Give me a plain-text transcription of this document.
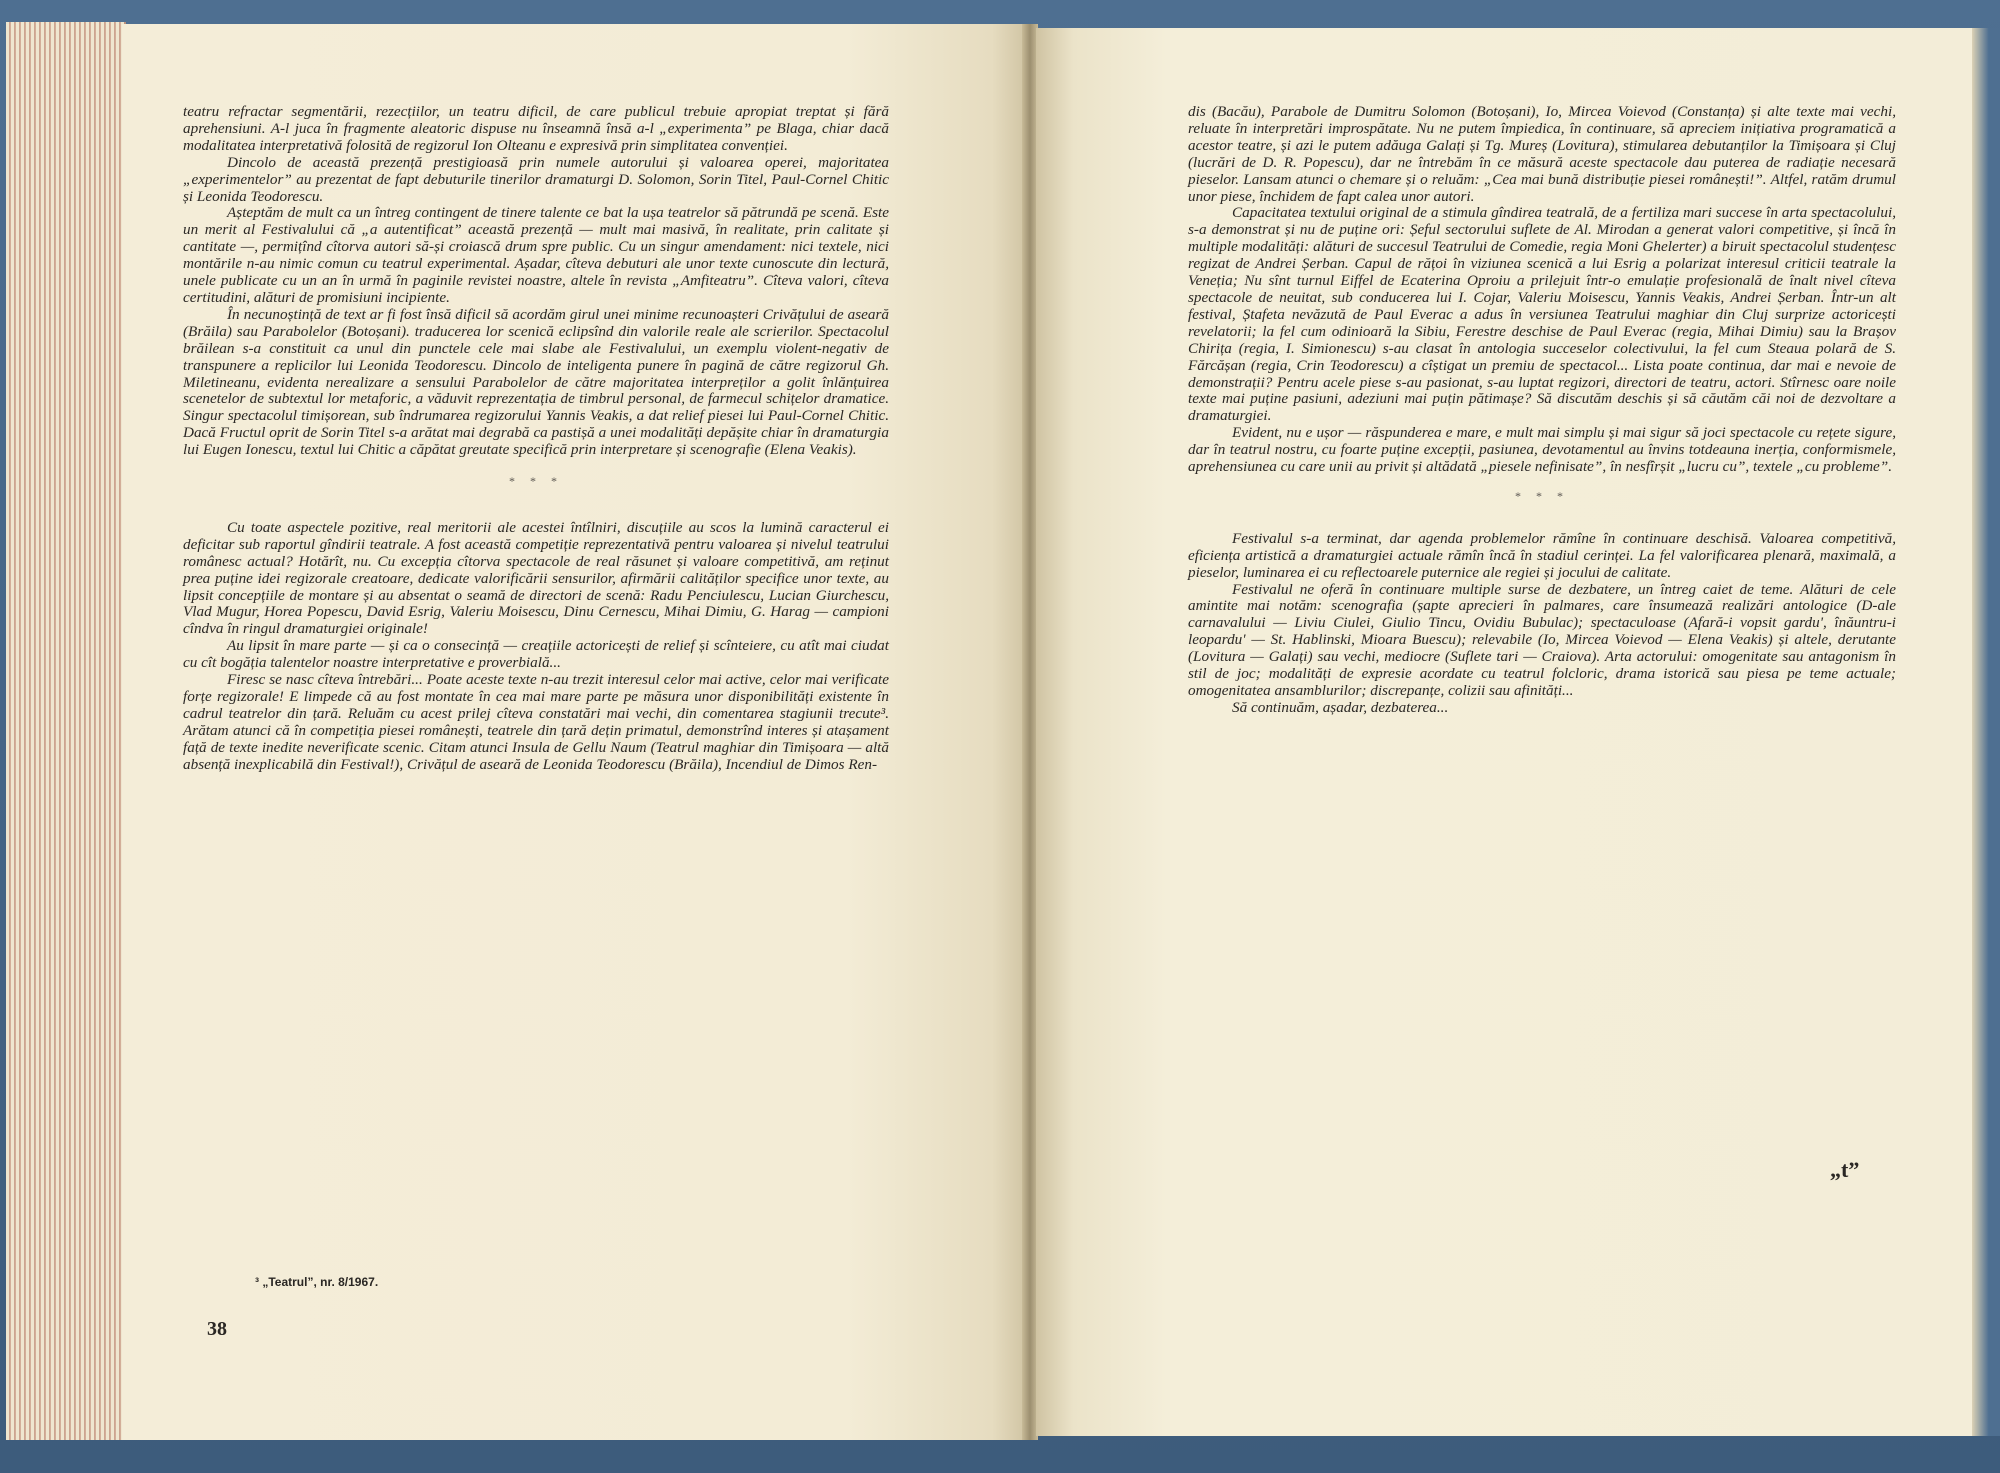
teatru refractar segmentării, rezecțiilor, un teatru dificil, de care publicul trebuie apropiat treptat și fără aprehensiuni. A-l juca în fragmente aleatoric dispuse nu înseamnă însă a-l „experimenta” pe Blaga, chiar dacă modalitatea interpretativă folosită de regizorul Ion Olteanu e expresivă prin simplitatea convenției.

Dincolo de această prezență prestigioasă prin numele autorului și valoarea operei, majoritatea „experimentelor” au prezentat de fapt debuturile tinerilor dramaturgi D. Solomon, Sorin Titel, Paul-Cornel Chitic și Leonida Teodorescu.

Așteptăm de mult ca un întreg contingent de tinere talente ce bat la ușa teatrelor să pătrundă pe scenă. Este un merit al Festivalului că „a autentificat” această prezență — mult mai masivă, în realitate, prin calitate și cantitate —, permițînd cîtorva autori să-și croiască drum spre public. Cu un singur amendament: nici textele, nici montările n-au nimic comun cu teatrul experimental. Așadar, cîteva debuturi ale unor texte cunoscute din lectură, unele publicate cu un an în urmă în paginile revistei noastre, altele în revista „Amfiteatru”. Cîteva valori, cîteva certitudini, alături de promisiuni incipiente.

În necunoștință de text ar fi fost însă dificil să acordăm girul unei minime recunoașteri Crivățului de aseară (Brăila) sau Parabolelor (Botoșani). traducerea lor scenică eclipsînd din valorile reale ale scrierilor. Spectacolul brăilean s-a constituit ca unul din punctele cele mai slabe ale Festivalului, un exemplu violent-negativ de transpunere a replicilor lui Leonida Teodorescu. Dincolo de inteligenta punere în pagină de către regizorul Gh. Miletineanu, evidenta nerealizare a sensului Parabolelor de către majoritatea interpreților a golit înlănțuirea scenetelor de subtextul lor metaforic, a văduvit reprezentația de timbrul personal, de farmecul schițelor dramatice. Singur spectacolul timișorean, sub îndrumarea regizorului Yannis Veakis, a dat relief piesei lui Paul-Cornel Chitic. Dacă Fructul oprit de Sorin Titel s-a arătat mai degrabă ca pastișă a unei modalități depășite chiar în dramaturgia lui Eugen Ionescu, textul lui Chitic a căpătat greutate specifică prin interpretare și scenografie (Elena Veakis).

* * *

Cu toate aspectele pozitive, real meritorii ale acestei întîlniri, discuțiile au scos la lumină caracterul ei deficitar sub raportul gîndirii teatrale. A fost această competiție reprezentativă pentru valoarea și nivelul teatrului românesc actual? Hotărît, nu. Cu excepția cîtorva spectacole de real răsunet și valoare competitivă, am reținut prea puține idei regizorale creatoare, dedicate valorificării sensurilor, afirmării calităților specifice unor texte, au lipsit concepțiile de montare și au absentat o seamă de directori de scenă: Radu Penciulescu, Lucian Giurchescu, Vlad Mugur, Horea Popescu, David Esrig, Valeriu Moisescu, Dinu Cernescu, Mihai Dimiu, G. Harag — campioni cîndva în ringul dramaturgiei originale!

Au lipsit în mare parte — și ca o consecință — creațiile actoricești de relief și scînteiere, cu atît mai ciudat cu cît bogăția talentelor noastre interpretative e proverbială...

Firesc se nasc cîteva întrebări... Poate aceste texte n-au trezit interesul celor mai active, celor mai verificate forțe regizorale! E limpede că au fost montate în cea mai mare parte pe măsura unor disponibilități existente în cadrul teatrelor din țară. Reluăm cu acest prilej cîteva constatări mai vechi, din comentarea stagiunii trecute³. Arătam atunci că în competiția piesei românești, teatrele din țară dețin primatul, demonstrînd interes și atașament față de texte inedite neverificate scenic. Citam atunci Insula de Gellu Naum (Teatrul maghiar din Timișoara — altă absență inexplicabilă din Festival!), Crivățul de aseară de Leonida Teodorescu (Brăila), Incendiul de Dimos Ren-

³ „Teatrul”, nr. 8/1967.
38

dis (Bacău), Parabole de Dumitru Solomon (Botoșani), Io, Mircea Voievod (Constanța) și alte texte mai vechi, reluate în interpretări improspătate. Nu ne putem împiedica, în continuare, să apreciem inițiativa programatică a acestor teatre, și azi le putem adăuga Galați și Tg. Mureș (Lovitura), stimularea debutanților la Timișoara și Cluj (lucrări de D. R. Popescu), dar ne întrebăm în ce măsură aceste spectacole dau puterea de radiație necesară pieselor. Lansam atunci o chemare și o reluăm: „Cea mai bună distribuție piesei românești!”. Altfel, ratăm drumul unor piese, închidem de fapt calea unor autori.

Capacitatea textului original de a stimula gîndirea teatrală, de a fertiliza mari succese în arta spectacolului, s-a demonstrat și nu de puține ori: Șeful sectorului suflete de Al. Mirodan a generat valori competitive, și încă în multiple modalități: alături de succesul Teatrului de Comedie, regia Moni Ghelerter) a biruit spectacolul studențesc regizat de Andrei Șerban. Capul de rățoi în viziunea scenică a lui Esrig a polarizat interesul criticii teatrale la Veneția; Nu sînt turnul Eiffel de Ecaterina Oproiu a prilejuit într-o emulație profesională de înalt nivel cîteva spectacole de neuitat, sub conducerea lui I. Cojar, Valeriu Moisescu, Yannis Veakis, Andrei Șerban. Într-un alt festival, Ștafeta nevăzută de Paul Everac a adus în versiunea Teatrului maghiar din Cluj surprize actoricești revelatorii; la fel cum odinioară la Sibiu, Ferestre deschise de Paul Everac (regia, Mihai Dimiu) sau la Brașov Chirița (regia, I. Simionescu) s-au clasat în antologia succeselor colectivului, la fel cum Steaua polară de S. Fărcășan (regia, Crin Teodorescu) a cîștigat un premiu de spectacol... Lista poate continua, dar mai e nevoie de demonstrații? Pentru acele piese s-au pasionat, s-au luptat regizori, directori de teatru, actori. Stîrnesc oare noile texte mai puține pasiuni, adeziuni mai puțin pătimașe? Să discutăm deschis și să căutăm căi noi de dezvoltare a dramaturgiei.

Evident, nu e ușor — răspunderea e mare, e mult mai simplu și mai sigur să joci spectacole cu rețete sigure, dar în teatrul nostru, cu foarte puține excepții, pasiunea, devotamentul au învins totdeauna inerția, conformismele, aprehensiunea cu care unii au privit și altădată „piesele nefinisate”, în nesfîrșit „lucru cu”, textele „cu probleme”.

* * *

Festivalul s-a terminat, dar agenda problemelor rămîne în continuare deschisă. Valoarea competitivă, eficiența artistică a dramaturgiei actuale rămîn încă în stadiul cerinței. La fel valorificarea plenară, maximală, a pieselor, luminarea ei cu reflectoarele puternice ale regiei și jocului de calitate.

Festivalul ne oferă în continuare multiple surse de dezbatere, un întreg caiet de teme. Alături de cele amintite mai notăm: scenografia (șapte aprecieri în palmares, care însumează realizări antologice (D-ale carnavalului — Liviu Ciulei, Giulio Tincu, Ovidiu Bubulac); spectaculoase (Afară-i vopsit gardu', înăuntru-i leopardu' — St. Hablinski, Mioara Buescu); relevabile (Io, Mircea Voievod — Elena Veakis) și altele, derutante (Lovitura — Galați) sau vechi, mediocre (Suflete tari — Craiova). Arta actorului: omogenitate sau antagonism în stil de joc; modalități de expresie acordate cu teatrul folcloric, drama istorică sau piesa pe teme actuale; omogenitatea ansamblurilor; discrepanțe, colizii sau afinități...

Să continuăm, așadar, dezbaterea...

„t”
